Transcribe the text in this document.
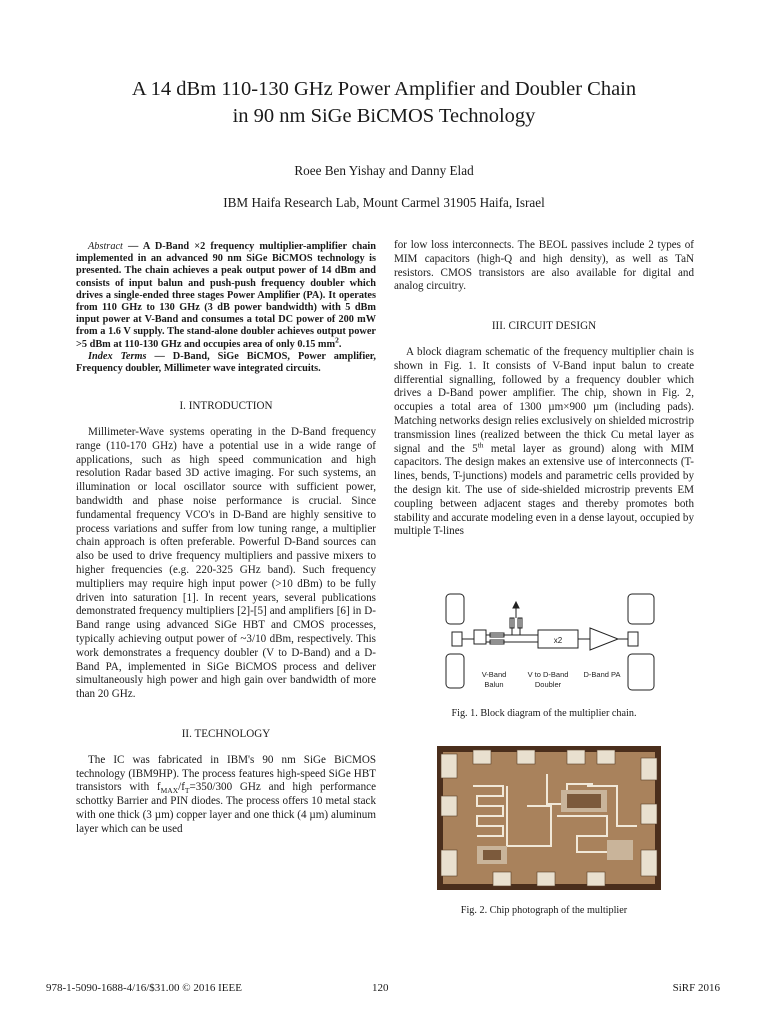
A 14 dBm 110-130 GHz Power Amplifier and Doubler Chain
in 90 nm SiGe BiCMOS Technology
Roee Ben Yishay and Danny Elad
IBM Haifa Research Lab, Mount Carmel 31905 Haifa, Israel

Abstract — A D-Band ×2 frequency multiplier-amplifier chain implemented in an advanced 90 nm SiGe BiCMOS technology is presented. The chain achieves a peak output power of 14 dBm and consists of input balun and push-push frequency doubler which drives a single-ended three stages Power Amplifier (PA). It operates from 110 GHz to 130 GHz (3 dB power bandwidth) with 5 dBm input power at V-Band and consumes a total DC power of 200 mW from a 1.6 V supply. The stand-alone doubler achieves output power >5 dBm at 110-130 GHz and occupies area of only 0.15 $mm^2$.

Index Terms — D-Band, SiGe BiCMOS, Power amplifier, Frequency doubler, Millimeter wave integrated circuits.

I. INTRODUCTION

Millimeter-Wave systems operating in the D-Band frequency range (110-170 GHz) have a potential use in a wide range of applications, such as high speed communication and high resolution Radar based 3D active imaging. For such systems, an illumination or local oscillator source with sufficient power, bandwidth and phase noise performance is crucial. Since fundamental frequency VCO's in D-Band are highly sensitive to process variations and suffer from low tuning range, a multiplier chain approach is often preferable. Powerful D-Band sources can also be used to drive frequency multipliers and passive mixers to higher frequencies (e.g. 220-325 GHz band). Such frequency multipliers may require high input power (>10 dBm) to be fully driven into saturation [1]. In recent years, several publications demonstrated frequency multipliers [2]-[5] and amplifiers [6] in D-Band range using advanced SiGe HBT and CMOS processes, typically achieving output power of ~3/10 dBm, respectively. This work demonstrates a frequency doubler (V to D-Band) and a D-Band PA, implemented in SiGe BiCMOS process and deliver simultaneously high power and high gain over bandwidth of more than 20 GHz.

II. TECHNOLOGY

The IC was fabricated in IBM's 90 nm SiGe BiCMOS technology (IBM9HP). The process features high-speed SiGe HBT transistors with $f_{MAX}/f_T=350/300$ GHz and high performance schottky Barrier and PIN diodes. The process offers 10 metal stack with one thick (3 µm) copper layer and one thick (4 µm) aluminum layer which can be used

for low loss interconnects. The BEOL passives include 2 types of MIM capacitors (high-Q and high density), as well as TaN resistors. CMOS transistors are also available for digital and analog circuitry.

III. CIRCUIT DESIGN

A block diagram schematic of the frequency multiplier chain is shown in Fig. 1. It consists of V-Band input balun to create differential signalling, followed by a frequency doubler which drives a D-Band power amplifier. The chip, shown in Fig. 2, occupies a total area of 1300 µm×900 µm (including pads). Matching networks design relies exclusively on shielded microstrip transmission lines (realized between the thick Cu metal layer as signal and the 5th metal layer as ground) along with MIM capacitors. The design makes an extensive use of interconnects (T-lines, bends, T-junctions) models and parametric cells provided by the design kit. The use of side-shielded microstrip prevents EM coupling between adjacent stages and thereby promotes both stability and accurate modeling even in a dense layout, occupied by multiple T-lines

x2
V-Band
Balun
V to D-Band
Doubler
D-Band PA
Fig. 1. Block diagram of the multiplier chain.
Fig. 2. Chip photograph of the multiplier
978-1-5090-1688-4/16/$31.00 © 2016 IEEE	120	SiRF 2016
